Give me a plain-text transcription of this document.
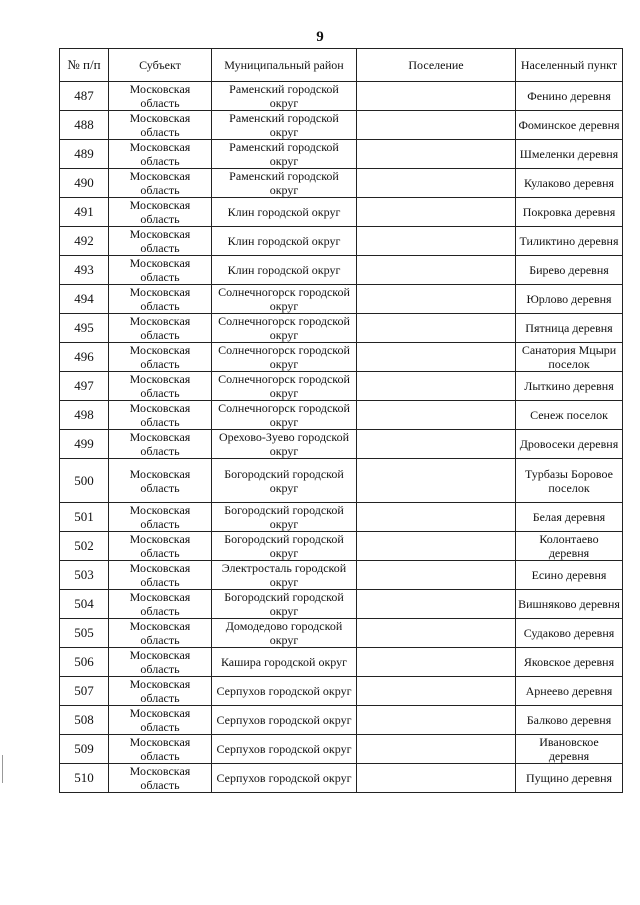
9
№ п/п	Субъект	Муниципальный район	Поселение	Населенный пункт
487	Московская область	Раменский городской округ		Фенино деревня
488	Московская область	Раменский городской округ		Фоминское деревня
489	Московская область	Раменский городской округ		Шмеленки деревня
490	Московская область	Раменский городской округ		Кулаково деревня
491	Московская область	Клин городской округ		Покровка деревня
492	Московская область	Клин городской округ		Тиликтино деревня
493	Московская область	Клин городской округ		Бирево деревня
494	Московская область	Солнечногорск городской округ		Юрлово деревня
495	Московская область	Солнечногорск городской округ		Пятница деревня
496	Московская область	Солнечногорск городской округ		Санатория Мцыри поселок
497	Московская область	Солнечногорск городской округ		Лыткино деревня
498	Московская область	Солнечногорск городской округ		Сенеж поселок
499	Московская область	Орехово-Зуево городской округ		Дровосеки деревня
500	Московская область	Богородский городской округ		Турбазы Боровое поселок
501	Московская область	Богородский городской округ		Белая деревня
502	Московская область	Богородский городской округ		Колонтаево деревня
503	Московская область	Электросталь городской округ		Есино деревня
504	Московская область	Богородский городской округ		Вишняково деревня
505	Московская область	Домодедово городской округ		Судаково деревня
506	Московская область	Кашира городской округ		Яковское деревня
507	Московская область	Серпухов городской округ		Арнеево деревня
508	Московская область	Серпухов городской округ		Балково деревня
509	Московская область	Серпухов городской округ		Ивановское деревня
510	Московская область	Серпухов городской округ		Пущино деревня
